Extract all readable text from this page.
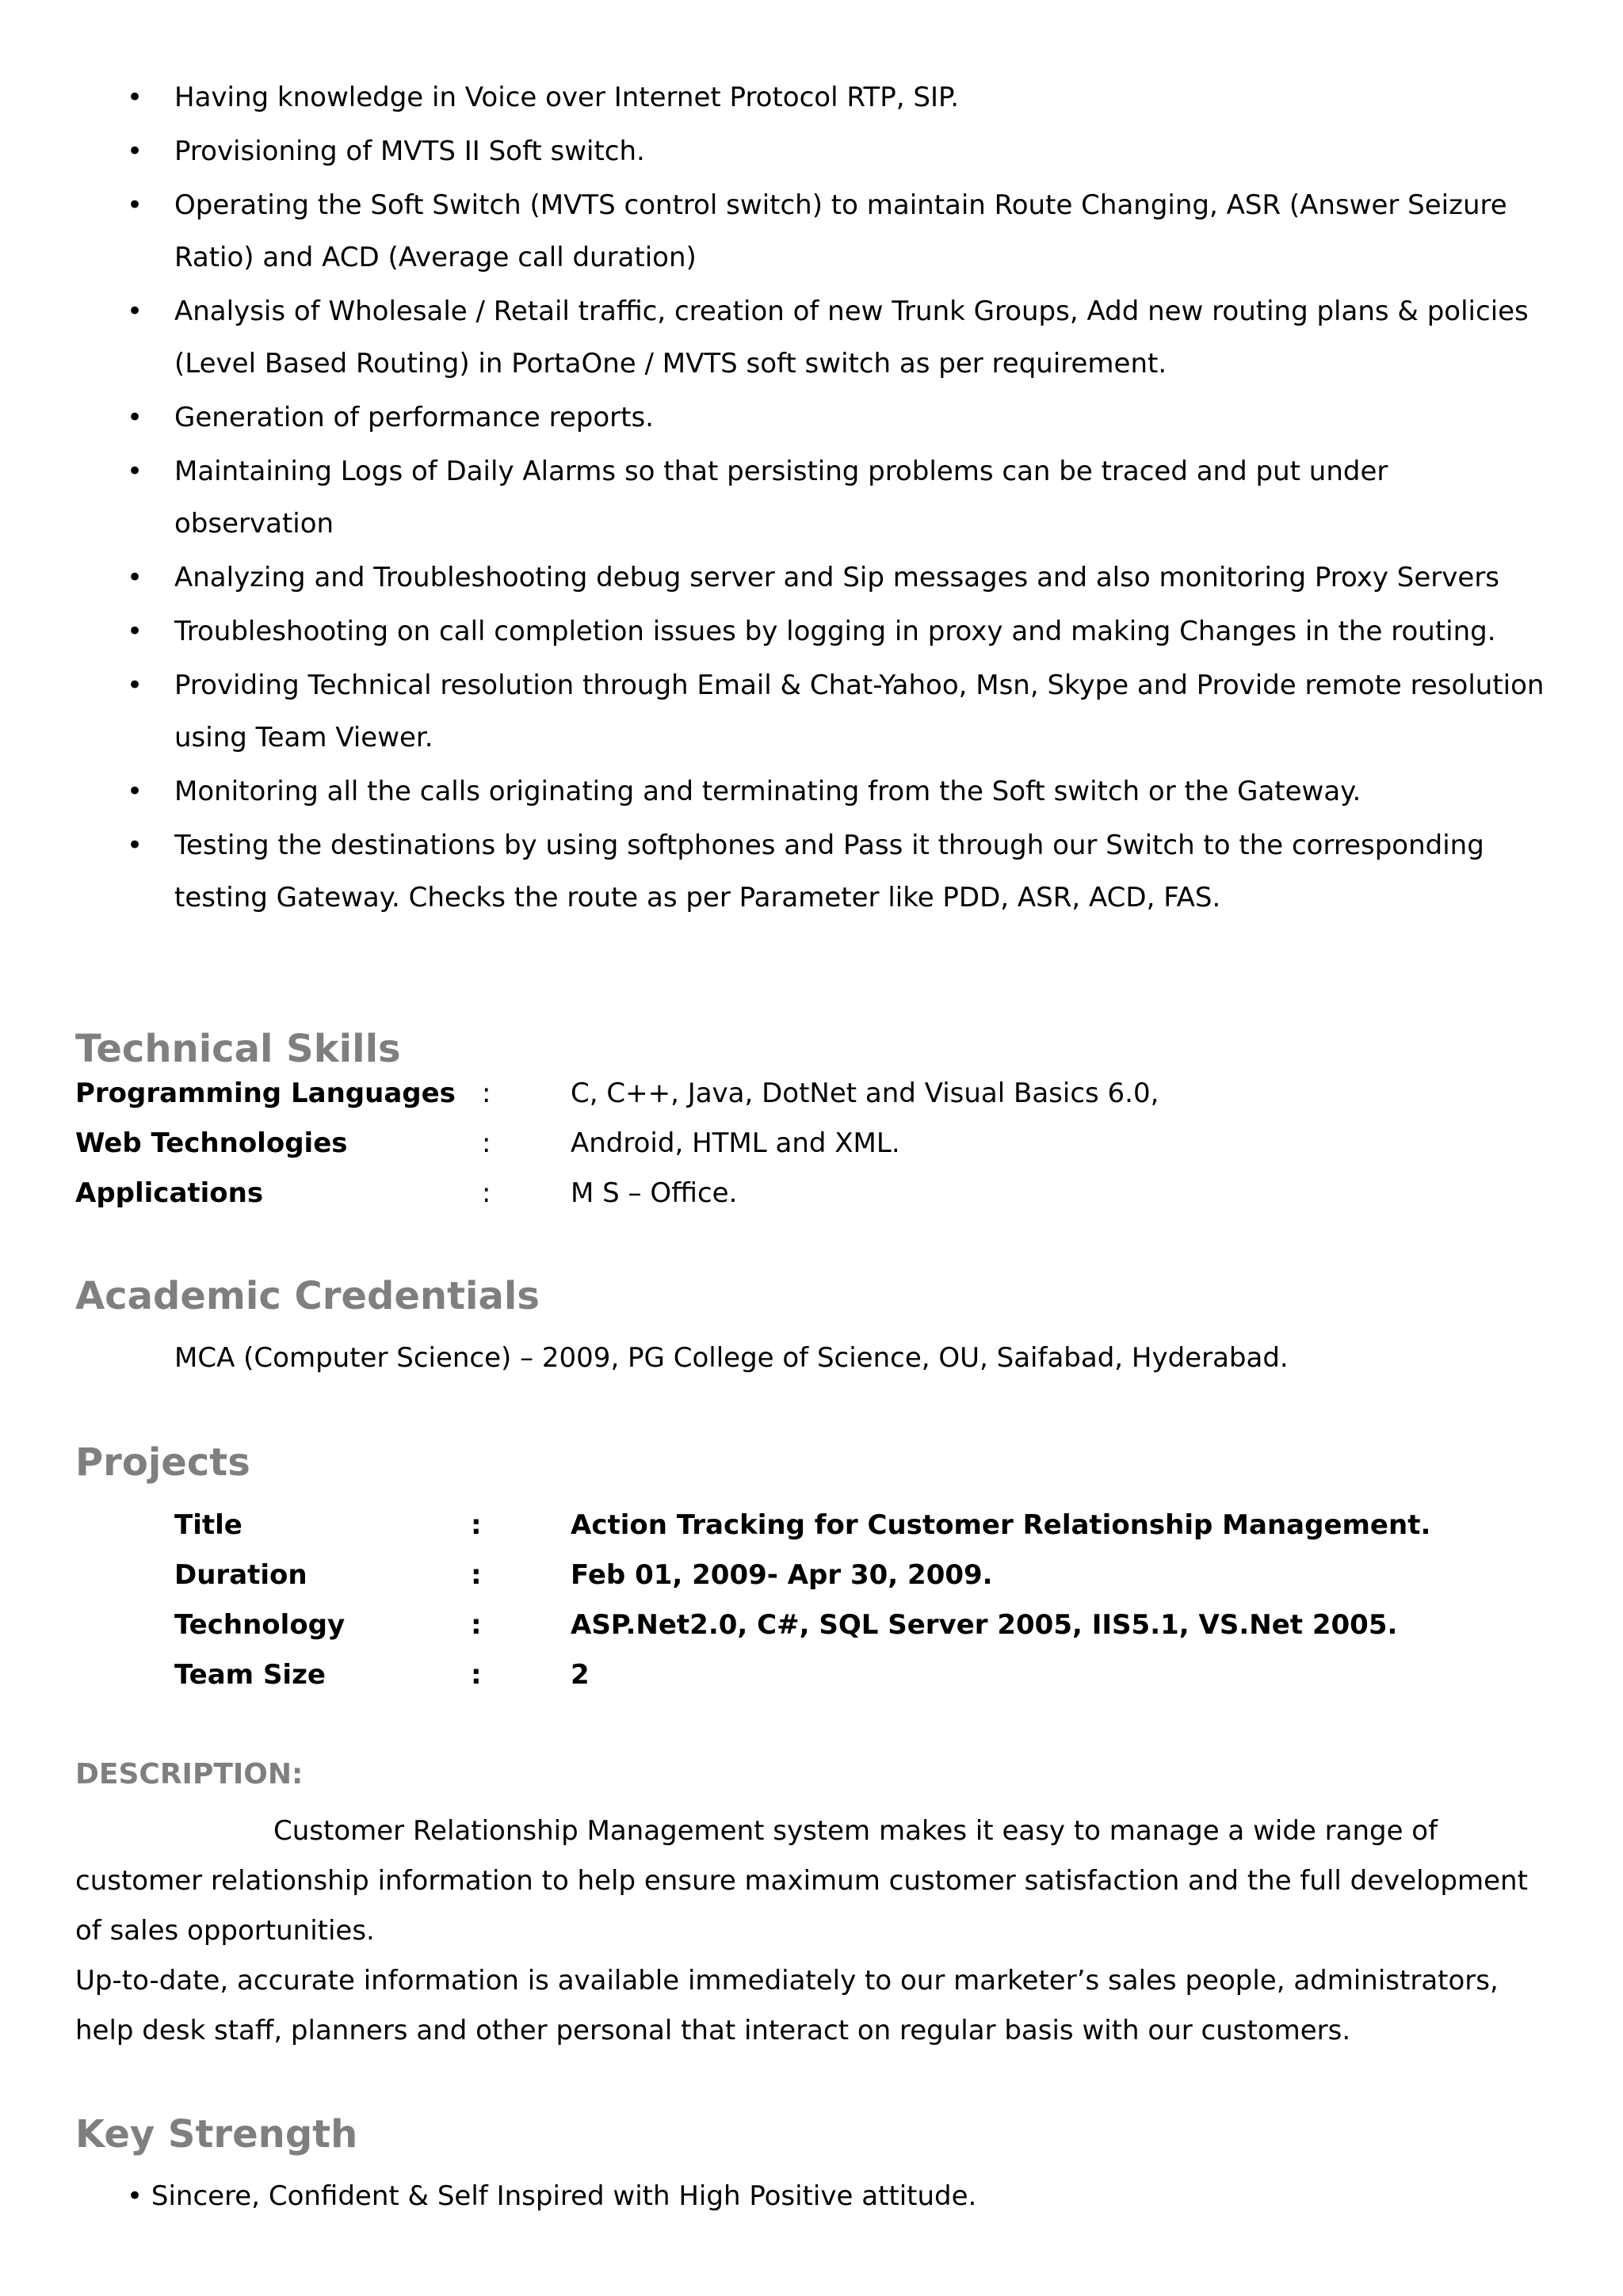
• Having knowledge in Voice over Internet Protocol RTP, SIP.
• Provisioning of MVTS II Soft switch.
• Operating the Soft Switch (MVTS control switch) to maintain Route Changing, ASR (Answer Seizure Ratio) and ACD (Average call duration)
• Analysis of Wholesale / Retail traffic, creation of new Trunk Groups, Add new routing plans & policies (Level Based Routing) in PortaOne / MVTS soft switch as per requirement.
• Generation of performance reports.
• Maintaining Logs of Daily Alarms so that persisting problems can be traced and put under observation
• Analyzing and Troubleshooting debug server and Sip messages and also monitoring Proxy Servers
• Troubleshooting on call completion issues by logging in proxy and making Changes in the routing.
• Providing Technical resolution through Email & Chat-Yahoo, Msn, Skype and Provide remote resolution using Team Viewer.
• Monitoring all the calls originating and terminating from the Soft switch or the Gateway.
• Testing the destinations by using softphones and Pass it through our Switch to the corresponding testing Gateway. Checks the route as per Parameter like PDD, ASR, ACD, FAS.
Technical Skills
Programming Languages :	C, C++, Java, DotNet and Visual Basics 6.0,
Web Technologies	:	Android, HTML and XML.
Applications	:	M S – Office.
Academic Credentials
MCA (Computer Science) – 2009, PG College of Science, OU, Saifabad, Hyderabad.
Projects
Title	:	Action Tracking for Customer Relationship Management.
Duration	:	Feb 01, 2009- Apr 30, 2009.
Technology	:	ASP.Net2.0, C#, SQL Server 2005, IIS5.1, VS.Net 2005.
Team Size	:	2
DESCRIPTION:
Customer Relationship Management system makes it easy to manage a wide range of customer relationship information to help ensure maximum customer satisfaction and the full development of sales opportunities.
Up-to-date, accurate information is available immediately to our marketer’s sales people, administrators, help desk staff, planners and other personal that interact on regular basis with our customers.
Key Strength
• Sincere, Confident & Self Inspired with High Positive attitude.
